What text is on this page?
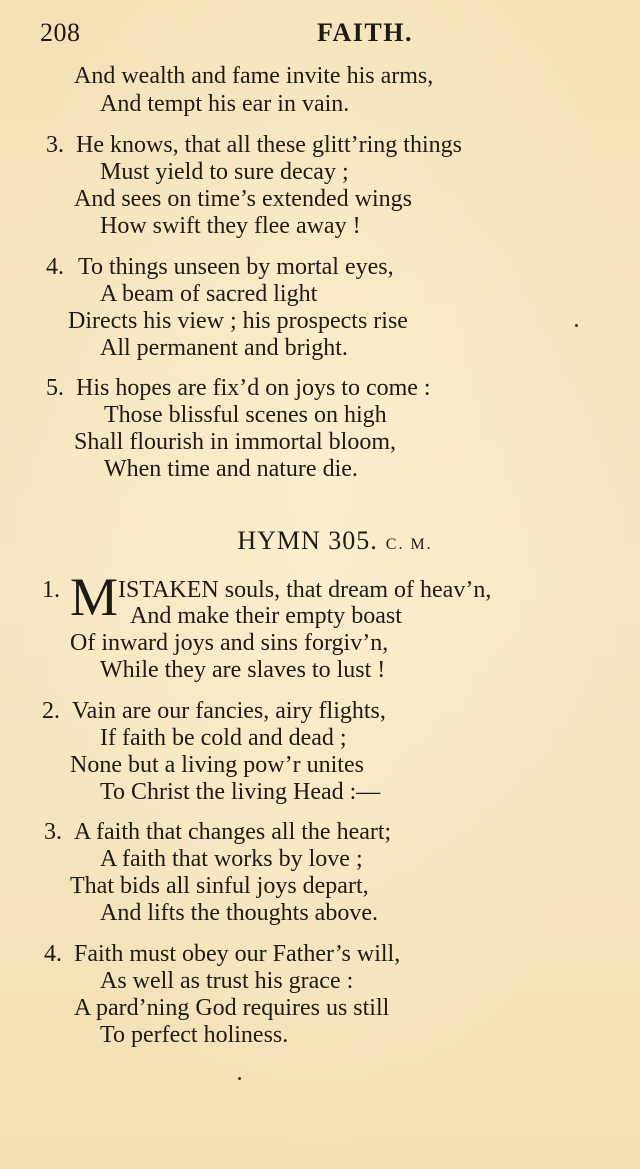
208	FAITH.
And wealth and fame invite his arms,
And tempt his ear in vain.
3. He knows, that all these glitt’ring things
Must yield to sure decay ;
And sees on time’s extended wings
How swift they flee away !
4. To things unseen by mortal eyes,
A beam of sacred light
Directs his view ; his prospects rise
All permanent and bright.
5. His hopes are fix’d on joys to come :
Those blissful scenes on high
Shall flourish in immortal bloom,
When time and nature die.
HYMN 305. C. M.
1. M ISTAKEN souls, that dream of heav’n,
And make their empty boast
Of inward joys and sins forgiv’n,
While they are slaves to lust !
2. Vain are our fancies, airy flights,
If faith be cold and dead ;
None but a living pow’r unites
To Christ the living Head :—
3. A faith that changes all the heart;
A faith that works by love ;
That bids all sinful joys depart,
And lifts the thoughts above.
4. Faith must obey our Father’s will,
As well as trust his grace :
A pard’ning God requires us still
To perfect holiness.
